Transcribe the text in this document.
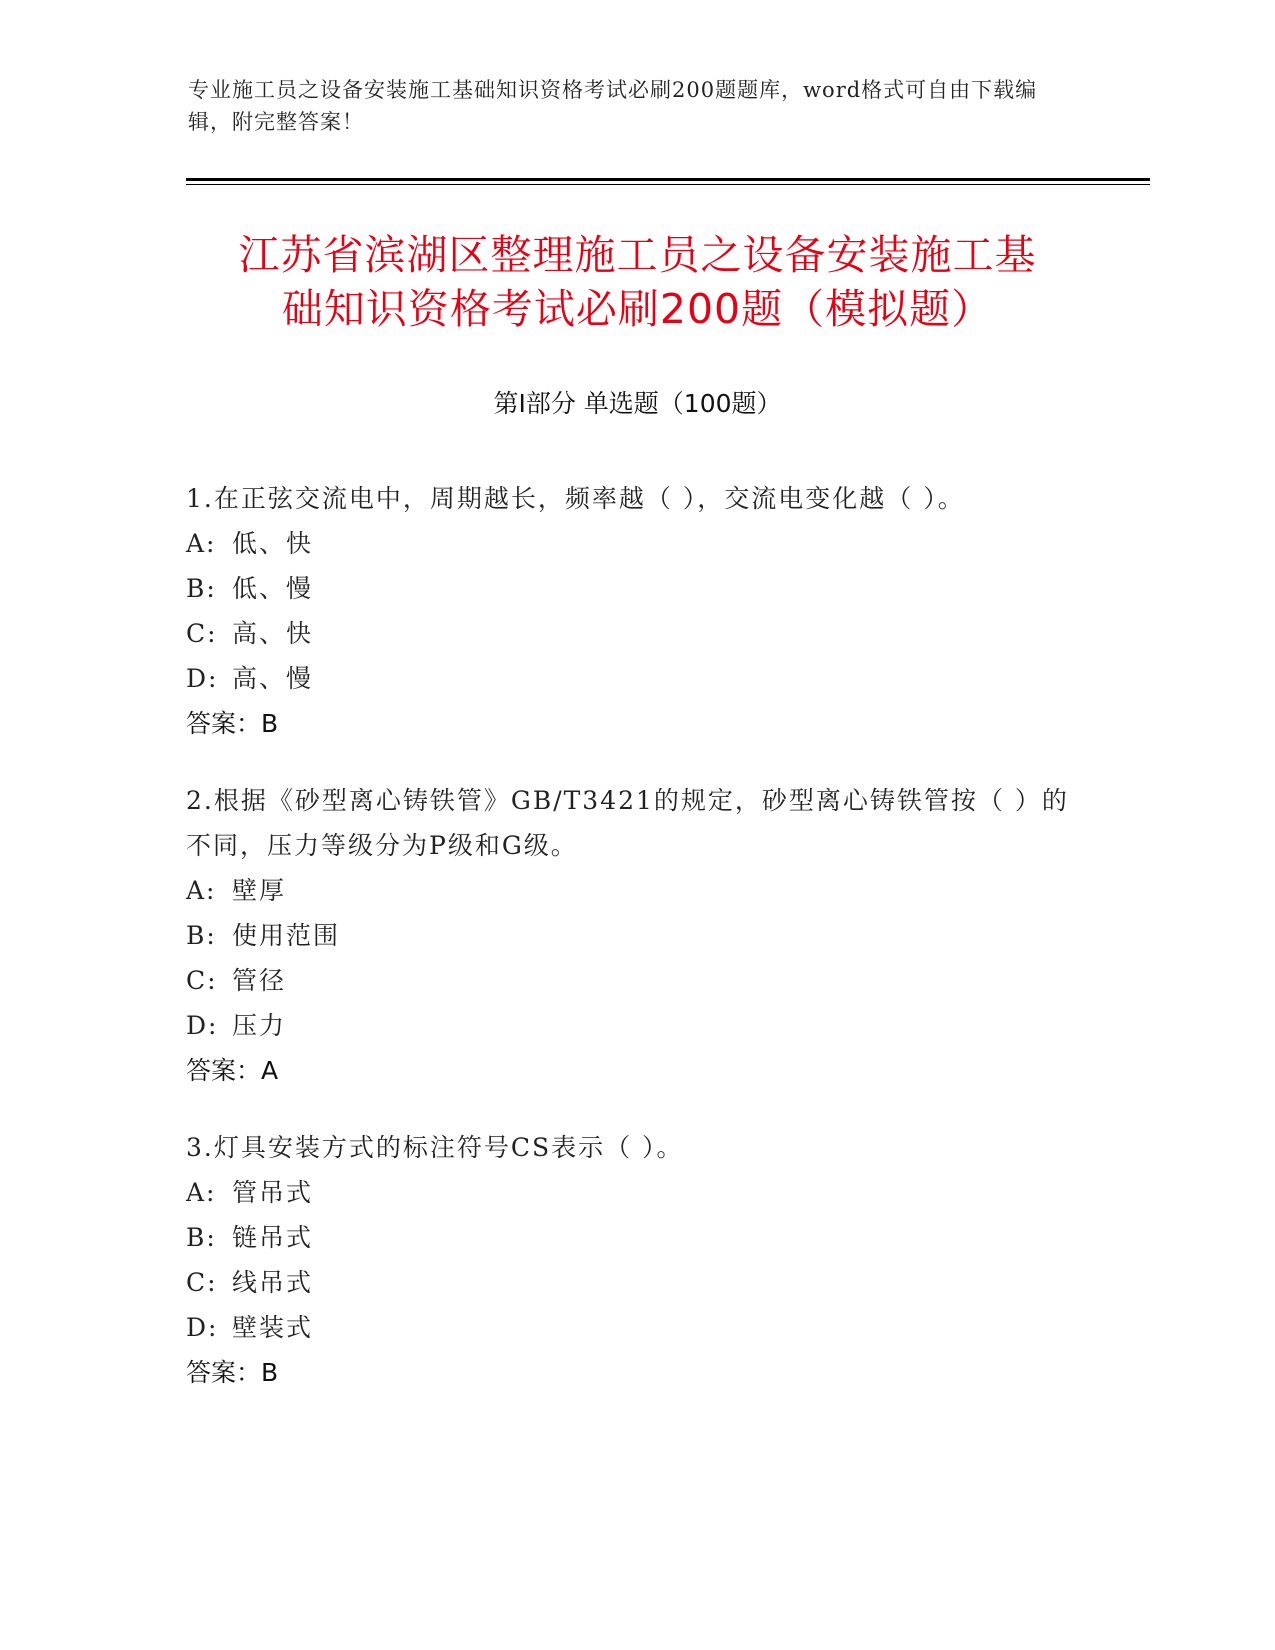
专业施工员之设备安装施工基础知识资格考试必刷200题题库，word格式可自由下载编辑，附完整答案！
江苏省滨湖区整理施工员之设备安装施工基
础知识资格考试必刷200题（模拟题）
第Ⅰ部分 单选题（100题）

1.在正弦交流电中，周期越长，频率越（ ），交流电变化越（ ）。

A: 低、快
B: 低、慢
C: 高、快
D: 高、慢
答案：B

2.根据《砂型离心铸铁管》GB/T3421的规定，砂型离心铸铁管按（ ）的不同，压力等级分为P级和G级。

A: 壁厚
B: 使用范围
C: 管径
D: 压力
答案：A

3.灯具安装方式的标注符号CS表示（ ）。

A: 管吊式
B: 链吊式
C: 线吊式
D: 壁装式
答案：B
